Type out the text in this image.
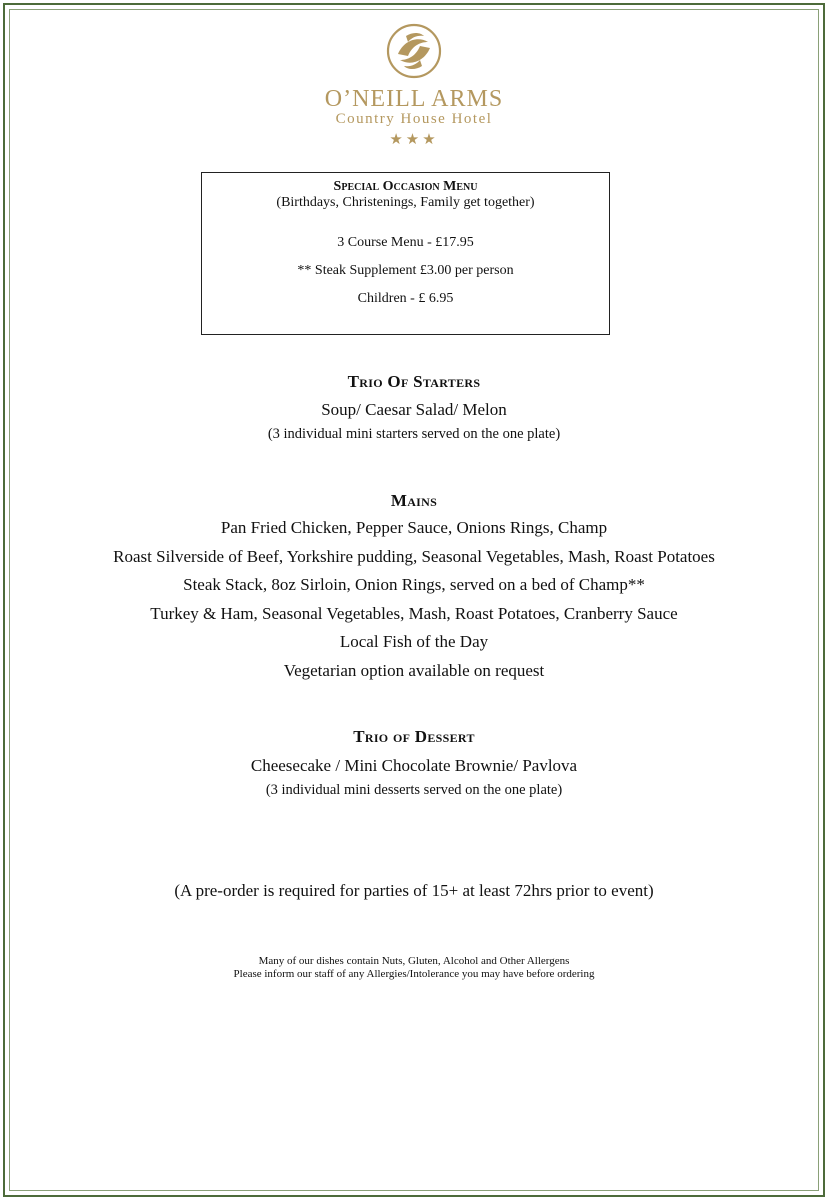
O’NEILL ARMS
Country House Hotel
★★★
Special Occasion Menu
(Birthdays, Christenings, Family get together)
3 Course Menu - £17.95
** Steak Supplement £3.00 per person
Children - £ 6.95
Trio Of Starters
Soup/ Caesar Salad/ Melon
(3 individual mini starters served on the one plate)
Mains
Pan Fried Chicken, Pepper Sauce, Onions Rings, Champ
Roast Silverside of Beef, Yorkshire pudding, Seasonal Vegetables, Mash, Roast Potatoes
Steak Stack, 8oz Sirloin, Onion Rings, served on a bed of Champ**
Turkey & Ham, Seasonal Vegetables, Mash, Roast Potatoes, Cranberry Sauce
Local Fish of the Day
Vegetarian option available on request
Trio of Dessert
Cheesecake / Mini Chocolate Brownie/ Pavlova
(3 individual mini desserts served on the one plate)
(A pre-order is required for parties of 15+ at least 72hrs prior to event)
Many of our dishes contain Nuts, Gluten, Alcohol and Other Allergens
Please inform our staff of any Allergies/Intolerance you may have before ordering
